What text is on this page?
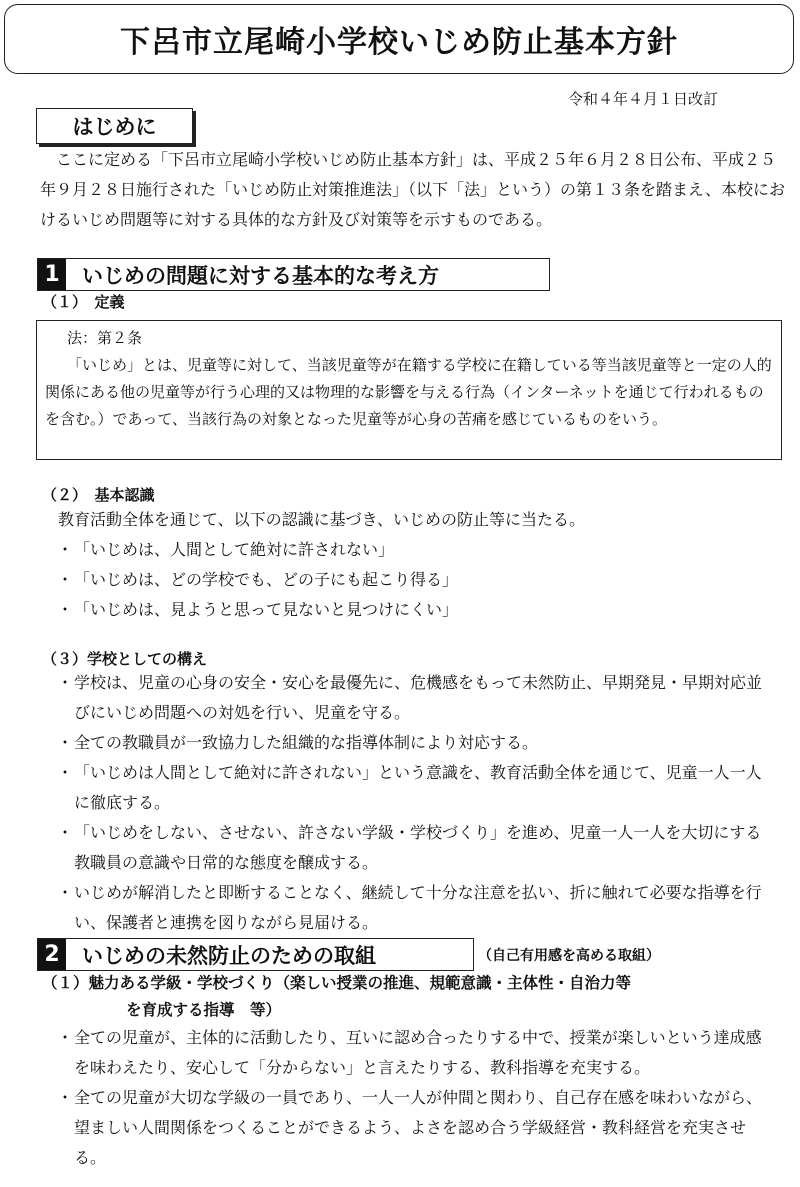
下呂市立尾崎小学校いじめ防止基本方針
令和４年４月１日改訂
はじめに

　ここに定める「下呂市立尾崎小学校いじめ防止基本方針」は、平成２５年６月２８日公布、平成２５年９月２８日施行された「いじめ防止対策推進法」（以下「法」という）の第１３条を踏まえ、本校におけるいじめ問題等に対する具体的な方針及び対策等を示すものである。

1	いじめの問題に対する基本的な考え方
（１）　定義

法：第２条

「いじめ」とは、児童等に対して、当該児童等が在籍する学校に在籍している等当該児童等と一定の人的関係にある他の児童等が行う心理的又は物理的な影響を与える行為（インターネットを通じて行われるものを含む。）であって、当該行為の対象となった児童等が心身の苦痛を感じているものをいう。

（２）　基本認識

教育活動全体を通じて、以下の認識に基づき、いじめの防止等に当たる。

・「いじめは、人間として絶対に許されない」
・「いじめは、どの学校でも、どの子にも起こり得る」
・「いじめは、見ようと思って見ないと見つけにくい」
（３）学校としての構え
・学校は、児童の心身の安全・安心を最優先に、危機感をもって未然防止、早期発見・早期対応並びにいじめ問題への対処を行い、児童を守る。
・全ての教職員が一致協力した組織的な指導体制により対応する。
・「いじめは人間として絶対に許されない」という意識を、教育活動全体を通じて、児童一人一人に徹底する。
・「いじめをしない、させない、許さない学級・学校づくり」を進め、児童一人一人を大切にする教職員の意識や日常的な態度を醸成する。
・いじめが解消したと即断することなく、継続して十分な注意を払い、折に触れて必要な指導を行い、保護者と連携を図りながら見届ける。
2	いじめの未然防止のための取組	（自己有用感を高める取組）
（１）魅力ある学級・学校づくり（楽しい授業の推進、規範意識・主体性・自治力等
を育成する指導　等）
・全ての児童が、主体的に活動したり、互いに認め合ったりする中で、授業が楽しいという達成感を味わえたり、安心して「分からない」と言えたりする、教科指導を充実する。
・全ての児童が大切な学級の一員であり、一人一人が仲間と関わり、自己存在感を味わいながら、望ましい人間関係をつくることができるよう、よさを認め合う学級経営・教科経営を充実させる。
